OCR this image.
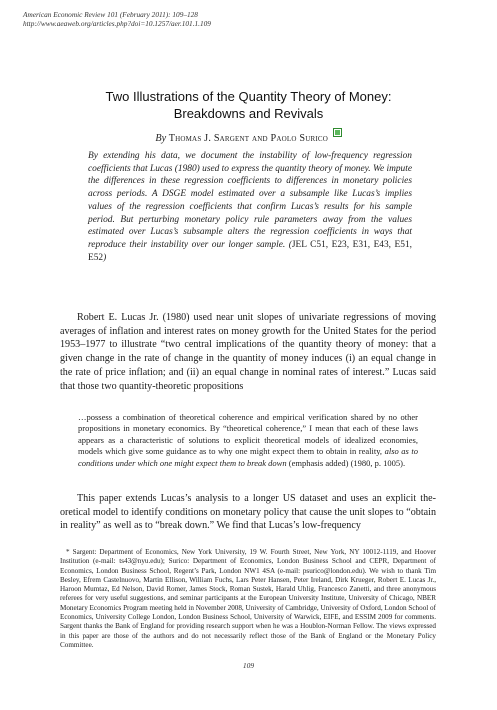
American Economic Review 101 (February 2011): 109–128
http://www.aeaweb.org/articles.php?doi=10.1257/aer.101.1.109
Two Illustrations of the Quantity Theory of Money:
Breakdowns and Revivals
By Thomas J. Sargent and Paolo Surico
By extending his data, we document the instability of low-frequency regression coefficients that Lucas (1980) used to express the quantity theory of money. We impute the differences in these regression coefficients to differences in monetary policies across periods. A DSGE model estimated over a subsample like Lucas’s implies values of the regression coefficients that confirm Lucas’s results for his sample period. But perturbing monetary policy rule parameters away from the values estimated over Lucas’s subsample alters the regression coefficients in ways that reproduce their instability over our longer sample. (JEL C51, E23, E31, E43, E51, E52)

Robert E. Lucas Jr. (1980) used near unit slopes of univariate regressions of moving averages of inflation and interest rates on money growth for the United States for the period 1953–1977 to illustrate “two central implications of the quantity theory of money: that a given change in the rate of change in the quantity of money induces (i) an equal change in the rate of price inflation; and (ii) an equal change in nominal rates of interest.” Lucas said that those two quantity-theoretic propositions

…possess a combination of theoretical coherence and empirical verification shared by no other propositions in monetary economics. By “theoretical coherence,” I mean that each of these laws appears as a characteristic of solutions to explicit theoretical models of idealized economies, models which give some guidance as to why one might expect them to obtain in reality, also as to conditions under which one might expect them to break down (emphasis added) (1980, p. 1005).

This paper extends Lucas’s analysis to a longer US dataset and uses an explicit theoretical model to identify conditions on monetary policy that cause the unit slopes to “obtain in reality” as well as to “break down.” We find that Lucas’s low-frequency

* Sargent: Department of Economics, New York University, 19 W. Fourth Street, New York, NY 10012-1119, and Hoover Institution (e-mail: ts43@nyu.edu); Surico: Department of Economics, London Business School and CEPR, Department of Economics, London Business School, Regent’s Park, London NW1 4SA (e-mail: psurico@london.edu). We wish to thank Tim Besley, Efrem Castelnuovo, Martin Ellison, William Fuchs, Lars Peter Hansen, Peter Ireland, Dirk Krueger, Robert E. Lucas Jr., Haroon Mumtaz, Ed Nelson, David Romer, James Stock, Roman Sustek, Harald Uhlig, Francesco Zanetti, and three anonymous referees for very useful suggestions, and seminar participants at the European University Institute, University of Chicago, NBER Monetary Economics Program meeting held in November 2008, University of Cambridge, University of Oxford, London School of Economics, University College London, London Business School, University of Warwick, EIFE, and ESSIM 2009 for comments. Sargent thanks the Bank of England for providing research support when he was a Houblon-Norman Fellow. The views expressed in this paper are those of the authors and do not necessarily reflect those of the Bank of England or the Monetary Policy Committee.

109
